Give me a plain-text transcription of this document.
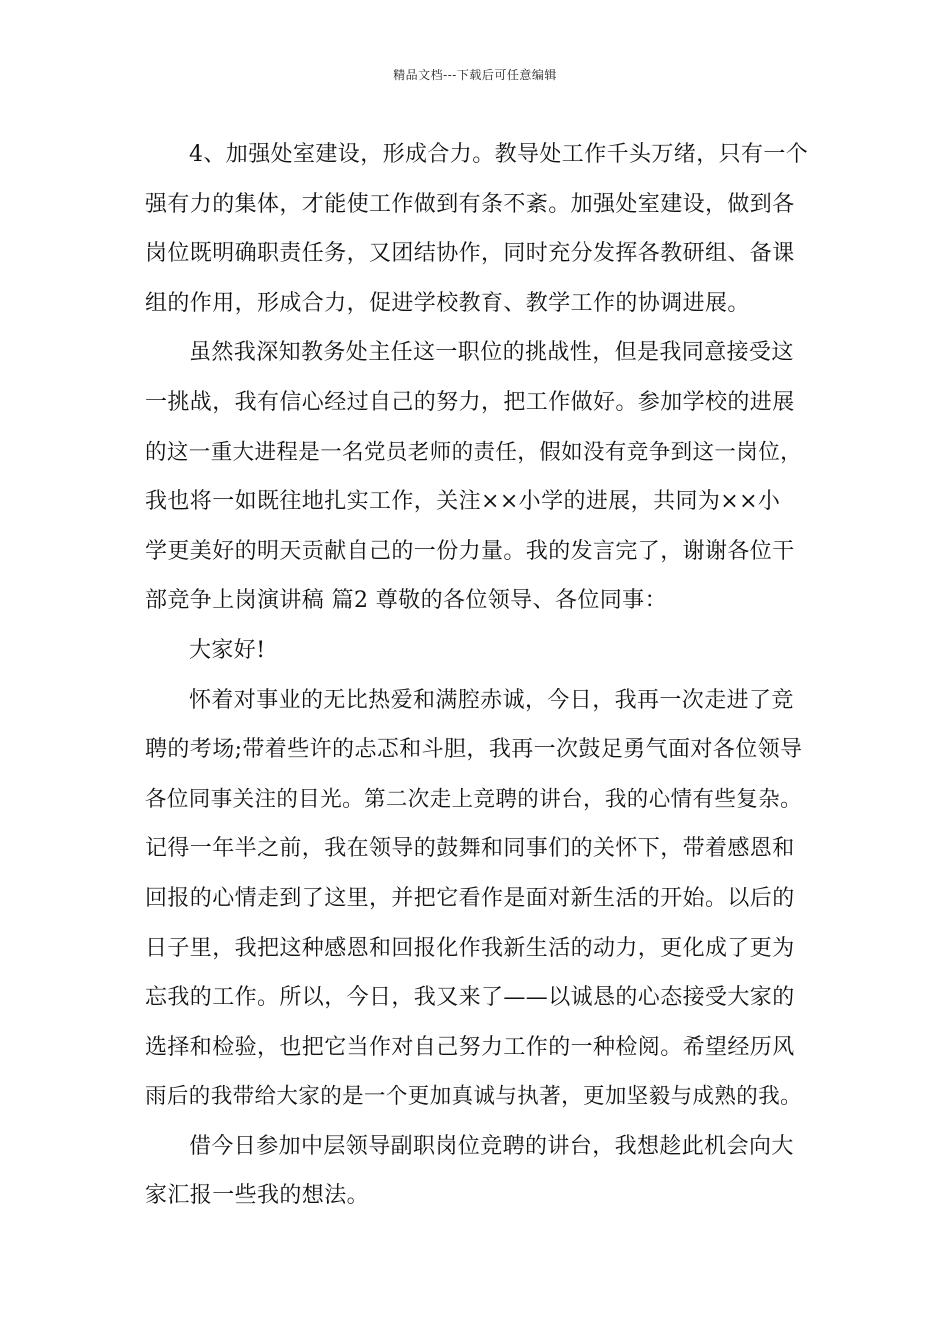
精品文档---下载后可任意编辑
4、加强处室建设，形成合力。教导处工作千头万绪，只有一个
强有力的集体，才能使工作做到有条不紊。加强处室建设，做到各
岗位既明确职责任务，又团结协作，同时充分发挥各教研组、备课
组的作用，形成合力，促进学校教育、教学工作的协调进展。
虽然我深知教务处主任这一职位的挑战性，但是我同意接受这
一挑战，我有信心经过自己的努力，把工作做好。参加学校的进展
的这一重大进程是一名党员老师的责任，假如没有竞争到这一岗位，
我也将一如既往地扎实工作，关注××小学的进展，共同为××小
学更美好的明天贡献自己的一份力量。我的发言完了，谢谢各位干
部竞争上岗演讲稿 篇2 尊敬的各位领导、各位同事：
大家好!
怀着对事业的无比热爱和满腔赤诚，今日，我再一次走进了竞
聘的考场;带着些许的忐忑和斗胆，我再一次鼓足勇气面对各位领导
各位同事关注的目光。第二次走上竞聘的讲台，我的心情有些复杂。
记得一年半之前，我在领导的鼓舞和同事们的关怀下，带着感恩和
回报的心情走到了这里，并把它看作是面对新生活的开始。以后的
日子里，我把这种感恩和回报化作我新生活的动力，更化成了更为
忘我的工作。所以，今日，我又来了——以诚恳的心态接受大家的
选择和检验，也把它当作对自己努力工作的一种检阅。希望经历风
雨后的我带给大家的是一个更加真诚与执著，更加坚毅与成熟的我。
借今日参加中层领导副职岗位竞聘的讲台，我想趁此机会向大
家汇报一些我的想法。
